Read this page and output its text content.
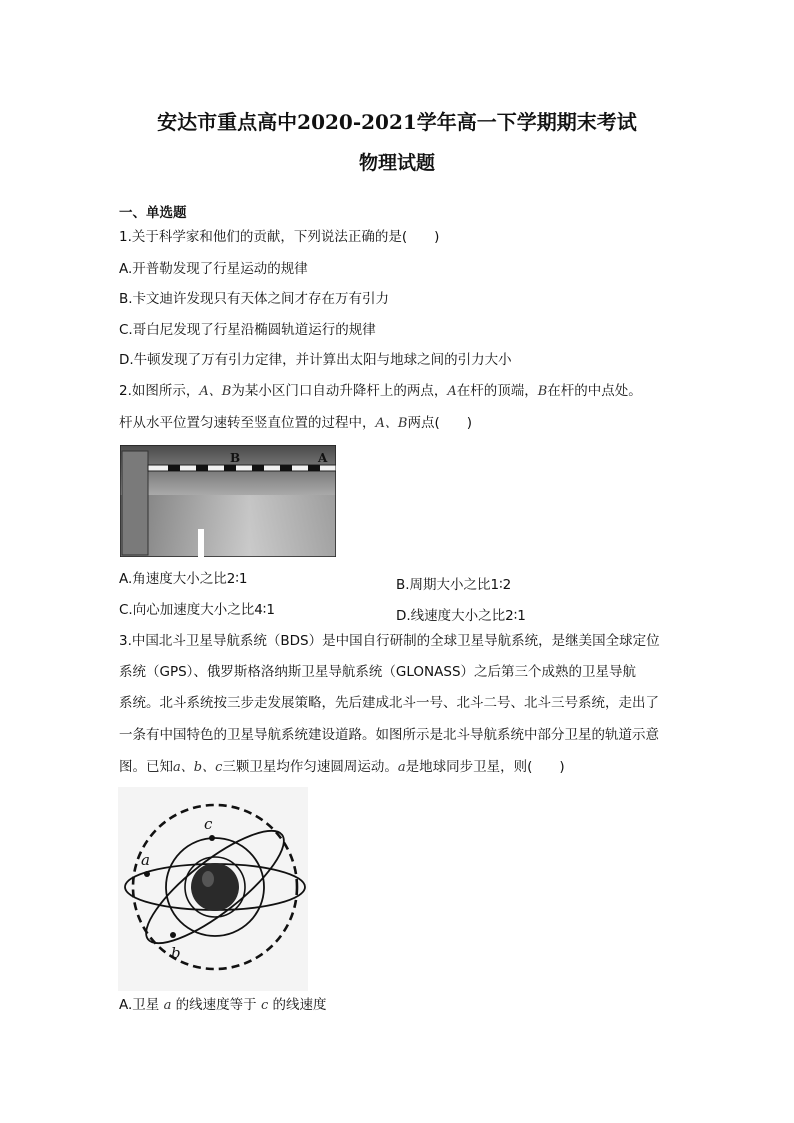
安达市重点高中2020-2021学年高一下学期期末考试
物理试题
一、单选题
1.关于科学家和他们的贡献，下列说法正确的是(　　)
A.开普勒发现了行星运动的规律
B.卡文迪许发现只有天体之间才存在万有引力
C.哥白尼发现了行星沿椭圆轨道运行的规律
D.牛顿发现了万有引力定律，并计算出太阳与地球之间的引力大小
2.如图所示，A、B为某小区门口自动升降杆上的两点，A在杆的顶端，B在杆的中点处。
杆从水平位置匀速转至竖直位置的过程中，A、B两点(　　)
B	A
A.角速度大小之比2∶1	B.周期大小之比1∶2
C.向心加速度大小之比4∶1	D.线速度大小之比2∶1
3.中国北斗卫星导航系统（BDS）是中国自行研制的全球卫星导航系统，是继美国全球定位
系统（GPS）、俄罗斯格洛纳斯卫星导航系统（GLONASS）之后第三个成熟的卫星导航
系统。北斗系统按三步走发展策略，先后建成北斗一号、北斗二号、北斗三号系统，走出了
一条有中国特色的卫星导航系统建设道路。如图所示是北斗导航系统中部分卫星的轨道示意
图。已知a、b、c三颗卫星均作匀速圆周运动。a是地球同步卫星，则(　　)
a
c
b
A.卫星 a 的线速度等于 c 的线速度
